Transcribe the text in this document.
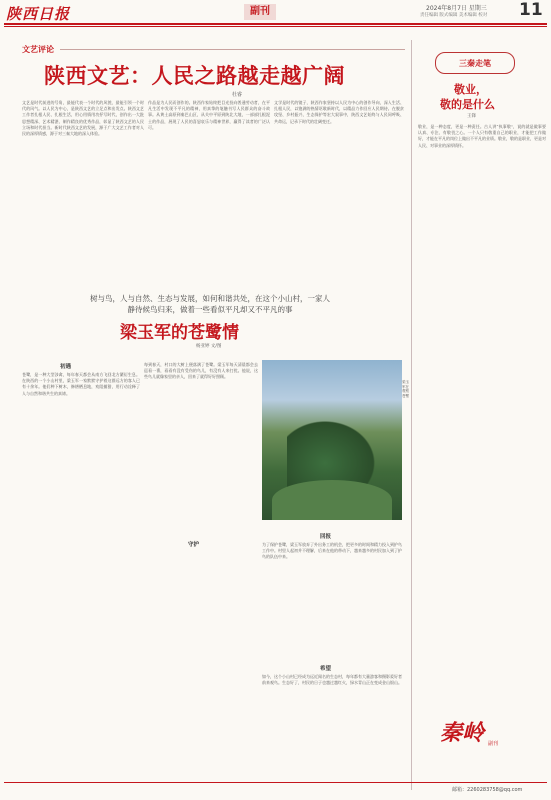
陕西日报	副刊	2024年8月7日 星期三
责任编辑 版式编辑 美术编辑 校对 11
文艺评论
陕西文艺：人民之路越走越广阔
杜睿
文艺是时代前进的号角，最能代表一个时代的风貌，最能引领一个时代的风气。以人民为中心，是陕西文艺的立足点和出发点。陕西文艺工作者扎根人民、扎根生活，用心用情用功抒写时代，创作出一大批思想精深、艺术精湛、制作精良的优秀作品，彰显了陕西文艺的人民立场和时代担当。新时代陕西文艺的发展，源于广大文艺工作者对人民的深厚情感，源于对三秦大地的深入体验。
作品是为人民而创作的。陕西作家始终把目光投向普通劳动者，在平凡生活中发现不平凡的精神，用真挚的笔触书写人民群众的奋斗故事。从黄土高原到秦巴山区，从关中平原到陕北大地，一部部扎根泥土的作品，展现了人民的喜怒哀乐与精神世界，赢得了读者的广泛认可。
文学是时代的镜子，陕西作家坚持以人民为中心的创作导向，深入生活、扎根人民，以饱满的热情讴歌新时代，以精品力作回应人民期待。在脱贫攻坚、乡村振兴、生态保护等宏大叙事中，陕西文艺始终与人民同呼吸、共命运，记录下时代的壮阔变迁。
树与鸟，人与自然、生态与发展，如何和谐共处，在这个小山村，一家人
静待候鸟归来，做着一些看似平凡却又不平凡的事
梁玉军的苍鹭情
杨亚婷 文/图
初遇
苍鹭，是一种大型涉禽，每年春天都会从南方飞回北方繁衍生息。在陕西的一个小山村里，梁玉军一家默默守护着这群远方的客人已有十余年。他们种下树木，修缮栖息地，劝阻捕猎，用行动诠释了人与自然和谐共生的真谛。
守护
每到春天，村口的大树上便落满了苍鹭。梁玉军每天清晨都会去巡看一番，看看有没有受伤的鸟儿，有没有人来打扰。他说，这些鸟儿就像家里的亲人，回来了就得好好照顾。
梁玉军在观察苍鹭
回报
为了保护苍鹭，梁玉军放弃了外出务工的机会，把更多的时间和精力投入到护鸟工作中。村里人起初并不理解，后来在他的带动下，越来越多的村民加入到了护鸟的队伍中来。
希望
如今，这个小山村已经成为远近闻名的生态村，每年都有大量游客和摄影爱好者前来观鸟。生态好了，村民的日子也越过越红火，绿水青山正在变成金山银山。
三秦走笔
敬业，
敬的是什么
王锋
敬业，是一种态度，更是一种责任。古人讲“执事敬”，说的就是做事要认真、专注、有敬畏之心。一个人只有敬重自己的职业，才能把工作做好，才能在平凡的岗位上做出不平凡的业绩。敬业，敬的是职业，更是对人民、对事业的深厚情怀。
秦岭 副刊
邮箱：2260283758@qq.com
